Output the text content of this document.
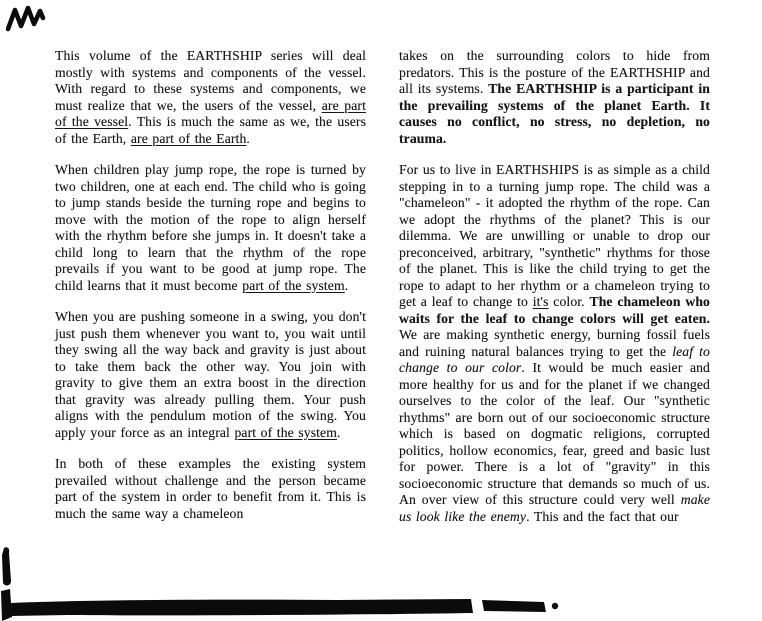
This volume of the EARTHSHIP series will deal mostly with systems and components of the vessel. With regard to these systems and components, we must realize that we, the users of the vessel, are part of the vessel. This is much the same as we, the users of the Earth, are part of the Earth.

When children play jump rope, the rope is turned by two children, one at each end. The child who is going to jump stands beside the turning rope and begins to move with the motion of the rope to align herself with the rhythm before she jumps in. It doesn't take a child long to learn that the rhythm of the rope prevails if you want to be good at jump rope. The child learns that it must become part of the system.

When you are pushing someone in a swing, you don't just push them whenever you want to, you wait until they swing all the way back and gravity is just about to take them back the other way. You join with gravity to give them an extra boost in the direction that gravity was already pulling them. Your push aligns with the pendulum motion of the swing. You apply your force as an integral part of the system.

In both of these examples the existing system prevailed without challenge and the person became part of the system in order to benefit from it. This is much the same way a chameleon

takes on the surrounding colors to hide from predators. This is the posture of the EARTHSHIP and all its systems. The EARTHSHIP is a participant in the prevailing systems of the planet Earth. It causes no conflict, no stress, no depletion, no trauma.

For us to live in EARTHSHIPS is as simple as a child stepping in to a turning jump rope. The child was a "chameleon" - it adopted the rhythm of the rope. Can we adopt the rhythms of the planet? This is our dilemma. We are unwilling or unable to drop our preconceived, arbitrary, "synthetic" rhythms for those of the planet. This is like the child trying to get the rope to adapt to her rhythm or a chameleon trying to get a leaf to change to it's color. The chameleon who waits for the leaf to change colors will get eaten. We are making synthetic energy, burning fossil fuels and ruining natural balances trying to get the leaf to change to our color. It would be much easier and more healthy for us and for the planet if we changed ourselves to the color of the leaf. Our "synthetic rhythms" are born out of our socioeconomic structure which is based on dogmatic religions, corrupted politics, hollow economics, fear, greed and basic lust for power. There is a lot of "gravity" in this socioeconomic structure that demands so much of us. An over view of this structure could very well make us look like the enemy. This and the fact that our
